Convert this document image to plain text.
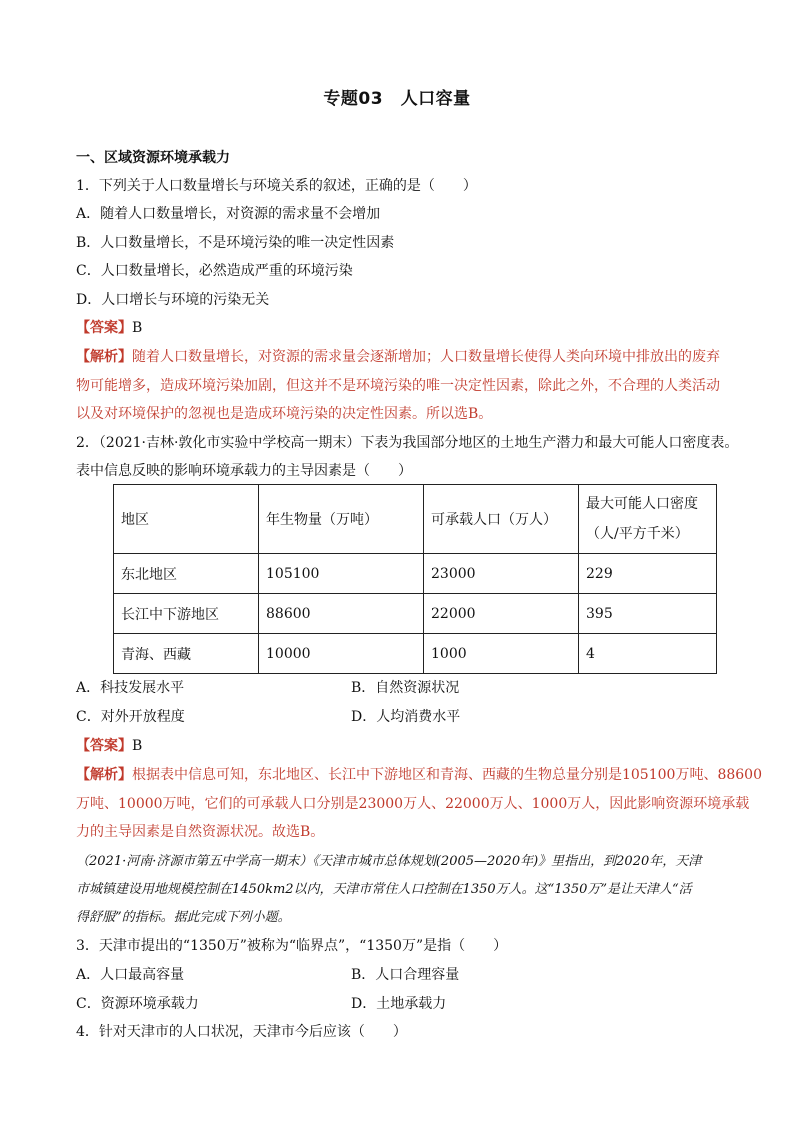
专题03　人口容量
一、区域资源环境承载力
1．下列关于人口数量增长与环境关系的叙述，正确的是（　　）
A．随着人口数量增长，对资源的需求量不会增加
B．人口数量增长，不是环境污染的唯一决定性因素
C．人口数量增长，必然造成严重的环境污染
D．人口增长与环境的污染无关
【答案】B
【解析】随着人口数量增长，对资源的需求量会逐渐增加；人口数量增长使得人类向环境中排放出的废弃
物可能增多，造成环境污染加剧，但这并不是环境污染的唯一决定性因素，除此之外，不合理的人类活动
以及对环境保护的忽视也是造成环境污染的决定性因素。所以选B。
2．（2021·吉林·敦化市实验中学校高一期末）下表为我国部分地区的土地生产潜力和最大可能人口密度表。
表中信息反映的影响环境承载力的主导因素是（　　）
地区	年生物量（万吨）	可承载人口（万人）	最大可能人口密度（人/平方千米）
东北地区	105100	23000	229
长江中下游地区	88600	22000	395
青海、西藏	10000	1000	4
A．科技发展水平	B．自然资源状况
C．对外开放程度	D．人均消费水平
【答案】B
【解析】根据表中信息可知，东北地区、长江中下游地区和青海、西藏的生物总量分别是105100万吨、88600
万吨、10000万吨，它们的可承载人口分别是23000万人、22000万人、1000万人，因此影响资源环境承载
力的主导因素是自然资源状况。故选B。
（2021·河南·济源市第五中学高一期末）《天津市城市总体规划(2005—2020年)》里指出，到2020年，天津
市城镇建设用地规模控制在1450km2以内，天津市常住人口控制在1350万人。这“1350万”是让天津人“活
得舒服”的指标。据此完成下列小题。
3．天津市提出的“1350万”被称为“临界点”，“1350万”是指（　　）
A．人口最高容量	B．人口合理容量
C．资源环境承载力	D．土地承载力
4．针对天津市的人口状况，天津市今后应该（　　）
